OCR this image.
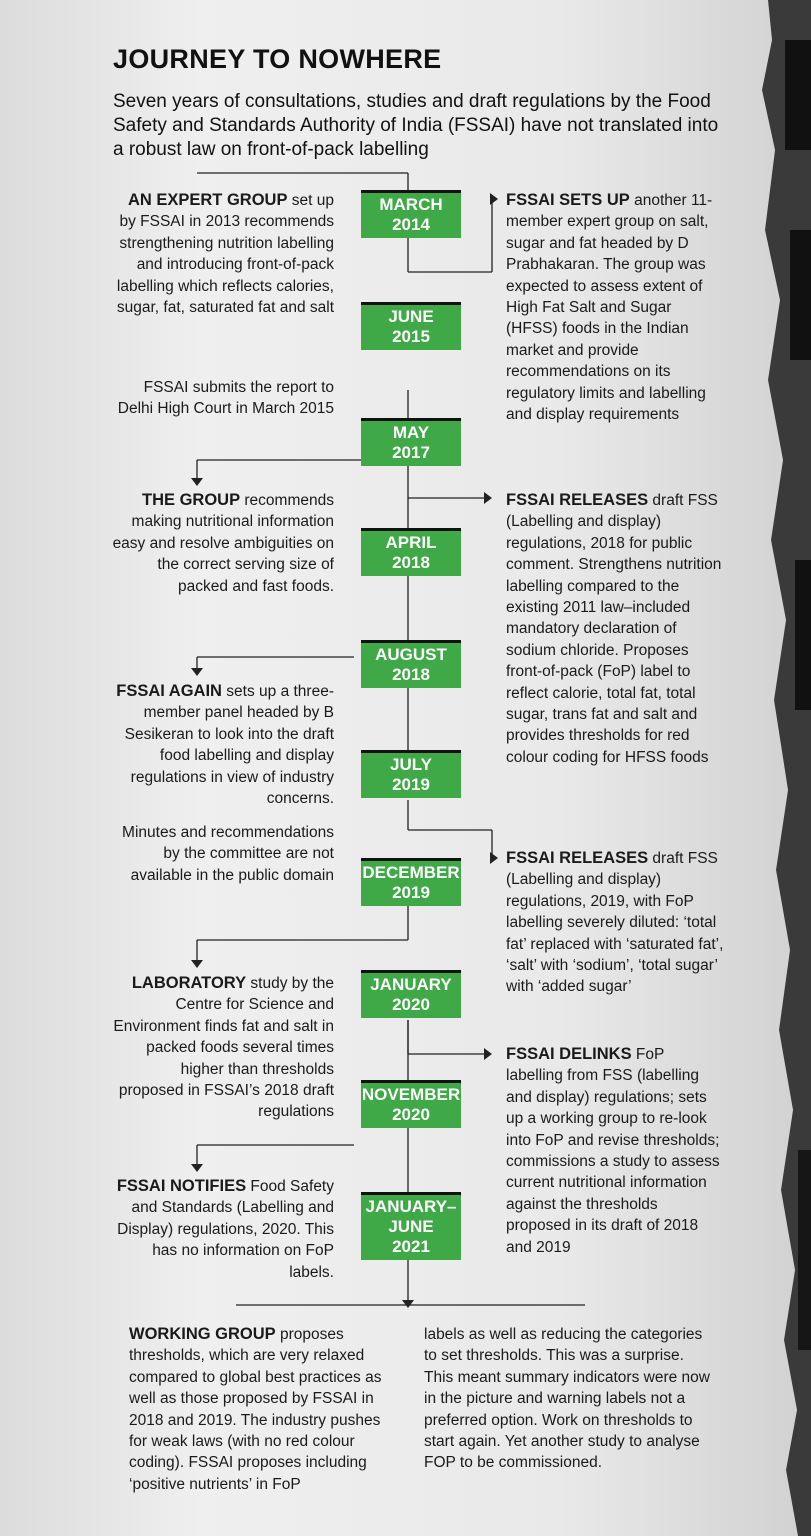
JOURNEY TO NOWHERE

Seven years of consultations, studies and draft regulations by the Food Safety and Standards Authority of India (FSSAI) have not translated into a robust law on front-of-pack labelling

MARCH
2014
JUNE
2015
MAY
2017
APRIL
2018
AUGUST
2018
JULY
2019
DECEMBER
2019
JANUARY
2020
NOVEMBER
2020
JANUARY–
JUNE
2021

AN EXPERT GROUP set up by FSSAI in 2013 recommends strengthening nutrition labelling and introducing front-of-pack labelling which reflects calories, sugar, fat, saturated fat and salt

FSSAI submits the report to Delhi High Court in March 2015

THE GROUP recommends making nutritional information easy and resolve ambiguities on the correct serving size of packed and fast foods.

FSSAI AGAIN sets up a three-member panel headed by B Sesikeran to look into the draft food labelling and display regulations in view of industry concerns.

Minutes and recommendations by the committee are not available in the public domain

LABORATORY study by the Centre for Science and Environment finds fat and salt in packed foods several times higher than thresholds proposed in FSSAI’s 2018 draft regulations

FSSAI NOTIFIES Food Safety and Standards (Labelling and Display) regulations, 2020. This has no information on FoP labels.

FSSAI SETS UP another 11-member expert group on salt, sugar and fat headed by D Prabhakaran. The group was expected to assess extent of High Fat Salt and Sugar (HFSS) foods in the Indian market and provide recommendations on its regulatory limits and labelling and display requirements

FSSAI RELEASES draft FSS (Labelling and display) regulations, 2018 for public comment. Strengthens nutrition labelling compared to the existing 2011 law–included mandatory declaration of sodium chloride. Proposes front-of-pack (FoP) label to reflect calorie, total fat, total sugar, trans fat and salt and provides thresholds for red colour coding for HFSS foods

FSSAI RELEASES draft FSS (Labelling and display) regulations, 2019, with FoP labelling severely diluted: ‘total fat’ replaced with ‘saturated fat’, ‘salt’ with ‘sodium’, ‘total sugar’ with ‘added sugar’

FSSAI DELINKS FoP labelling from FSS (labelling and display) regulations; sets up a working group to re-look into FoP and revise thresholds; commissions a study to assess current nutritional information against the thresholds proposed in its draft of 2018 and 2019

WORKING GROUP proposes thresholds, which are very relaxed compared to global best practices as well as those proposed by FSSAI in 2018 and 2019. The industry pushes for weak laws (with no red colour coding). FSSAI proposes including ‘positive nutrients’ in FoP

labels as well as reducing the categories to set thresholds. This was a surprise. This meant summary indicators were now in the picture and warning labels not a preferred option. Work on thresholds to start again. Yet another study to analyse FOP to be commissioned.
